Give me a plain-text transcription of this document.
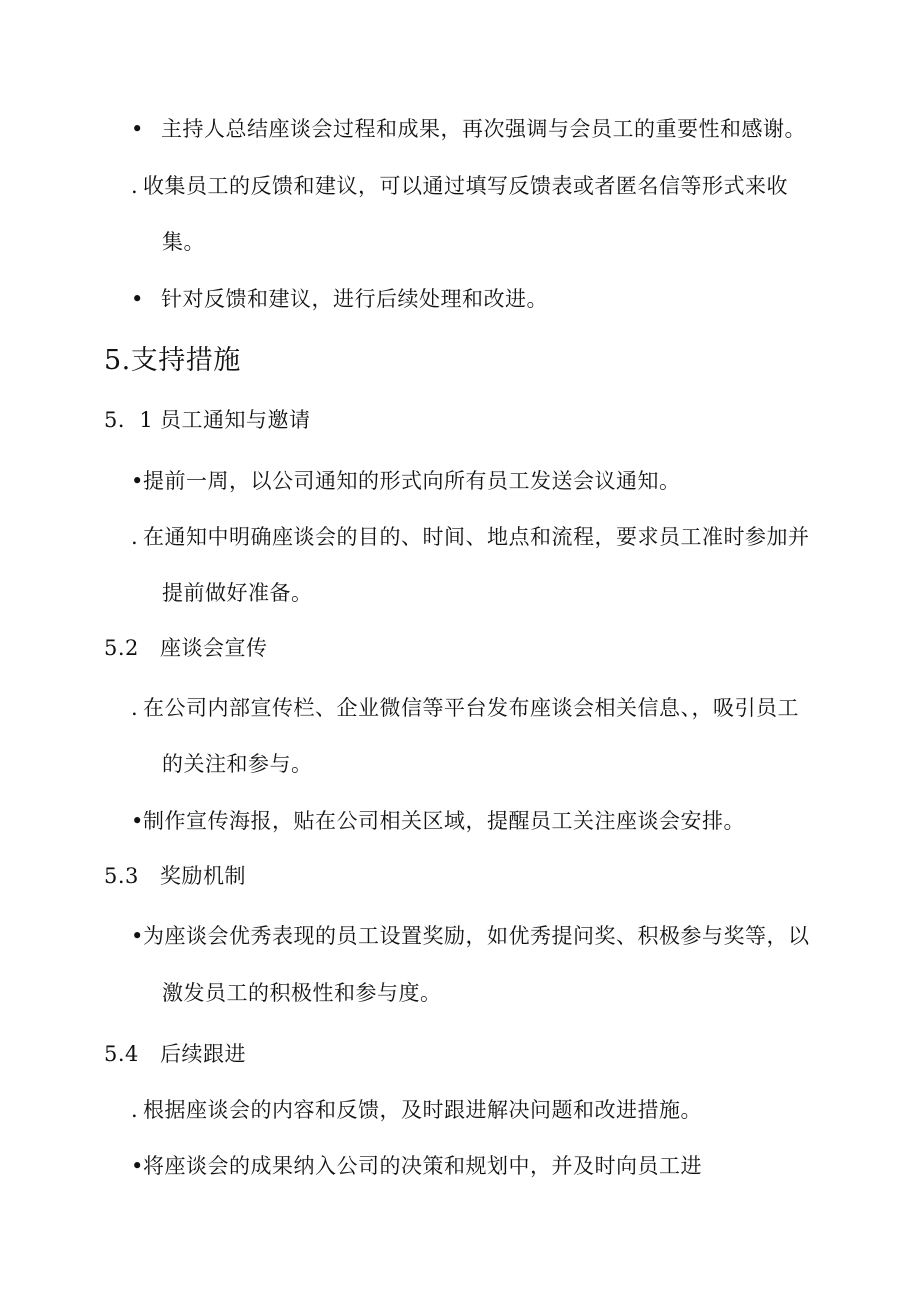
• 主持人总结座谈会过程和成果，再次强调与会员工的重要性和感谢。
. 收集员工的反馈和建议，可以通过填写反馈表或者匿名信等形式来收
集。
• 针对反馈和建议，进行后续处理和改进。
5.支持措施
5．1 员工通知与邀请
•提前一周，以公司通知的形式向所有员工发送会议通知。
. 在通知中明确座谈会的目的、时间、地点和流程，要求员工准时参加并
提前做好准备。
5.2 座谈会宣传
. 在公司内部宣传栏、企业微信等平台发布座谈会相关信息、，吸引员工
的关注和参与。
•制作宣传海报，贴在公司相关区域，提醒员工关注座谈会安排。
5.3 奖励机制
•为座谈会优秀表现的员工设置奖励，如优秀提问奖、积极参与奖等，以
激发员工的积极性和参与度。
5.4 后续跟进
. 根据座谈会的内容和反馈，及时跟进解决问题和改进措施。
•将座谈会的成果纳入公司的决策和规划中，并及时向员工进
